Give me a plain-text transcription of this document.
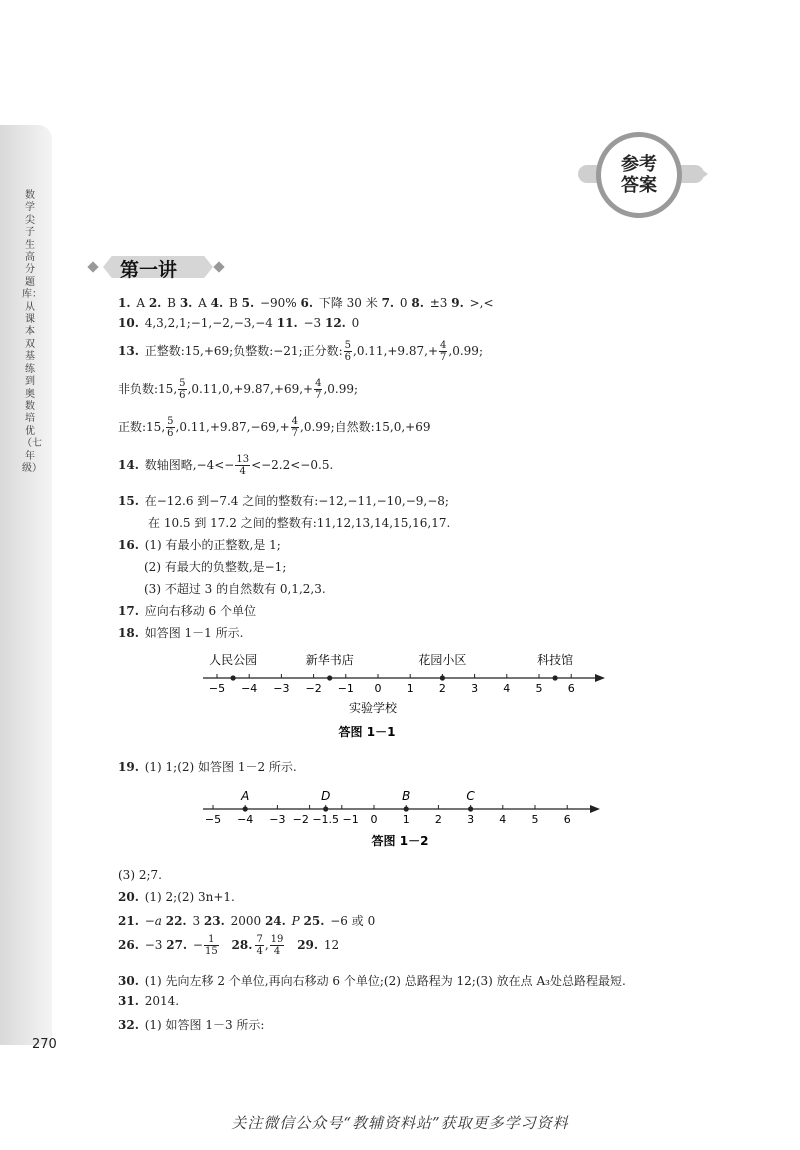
数学尖子生高分题库：从课本双基练到奥数培优（七年级）
参考
答案
第一讲
1. A 2. B 3. A 4. B 5. −90% 6. 下降 30 米 7. 0 8. ±3 9. >,<
10. 4,3,2,1;−1,−2,−3,−4 11. −3 12. 0
13. 正整数:15,+69;负整数:−21;正分数: $\frac{5}{6} ,0.11,+9.87,+ \frac{4}{7} ,0.99$;
非负数:15, $\frac{5}{6} ,0.11,0,+9.87,+69,+ \frac{4}{7} ,0.99$;
正数:15, $\frac{5}{6} ,0.11,+9.87,-69,+ \frac{4}{7} ,0.99$;自然数:15,0,+69
14. 数轴图略$,-4<- \frac{13}{4} <-2.2<-0.5$.
15. 在−12.6 到−7.4 之间的整数有:−12,−11,−10,−9,−8;
在 10.5 到 17.2 之间的整数有:11,12,13,14,15,16,17.
16. (1) 有最小的正整数,是 1;
(2) 有最大的负整数,是−1;
(3) 不超过 3 的自然数有 0,1,2,3.
17. 应向右移动 6 个单位
18. 如答图 1－1 所示.
−5 −4 −3 −2 −1 0 1 2 3 4 5 6
人民公园	新华书店	花园小区	科技馆
实验学校
答图 1－1
19. (1) 1;(2) 如答图 1－2 所示.
−5 −4 −3	0 1 2 3 4 5 6
−2 −1.5 −1
A	D	B	C
答图 1－2
(3) 2;7.
20. (1) 2;(2) 3n+1.
21. −a 22. 3 23. 2000 24. P 25. −6 或 0
26. −3 27. − $\frac{1}{15} 28$. $\frac{7}{4}$ , $\frac{19}{4} 29$. 12
30. (1) 先向左移 2 个单位,再向右移动 6 个单位;(2) 总路程为 12;(3) 放在点 A₃处总路程最短.
31. 2014.
32. (1) 如答图 1－3 所示:
270
关注微信公众号“教辅资料站”获取更多学习资料
